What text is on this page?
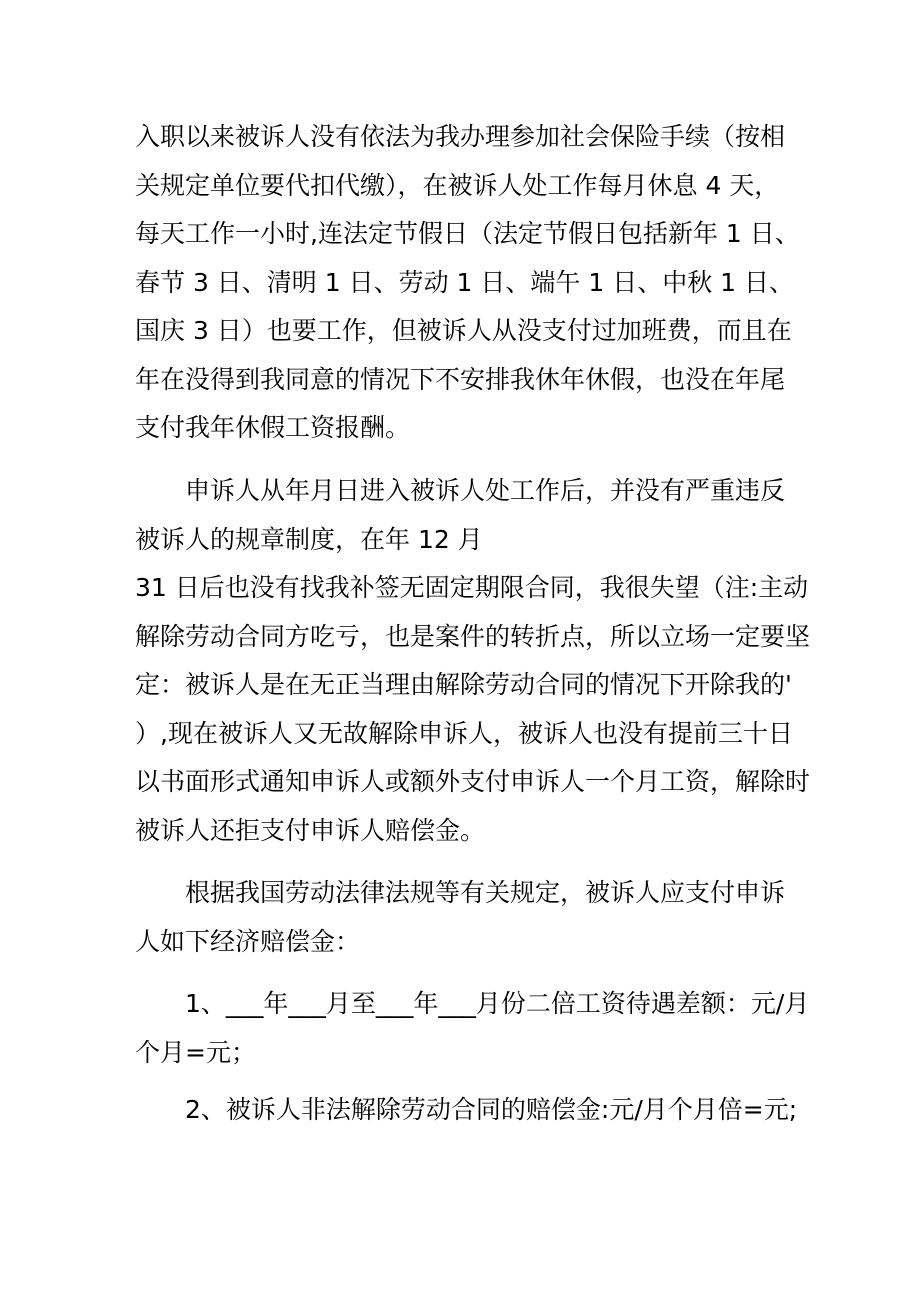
入职以来被诉人没有依法为我办理参加社会保险手续（按相
关规定单位要代扣代缴），在被诉人处工作每月休息 4 天，
每天工作一小时,连法定节假日（法定节假日包括新年 1 日、
春节 3 日、清明 1 日、劳动 1 日、端午 1 日、中秋 1 日、
国庆 3 日）也要工作，但被诉人从没支付过加班费，而且在
年在没得到我同意的情况下不安排我休年休假，也没在年尾
支付我年休假工资报酬。

　　申诉人从年月日进入被诉人处工作后，并没有严重违反
被诉人的规章制度，在年 12 月
31 日后也没有找我补签无固定期限合同，我很失望（注:主动
解除劳动合同方吃亏，也是案件的转折点，所以立场一定要坚
定：被诉人是在无正当理由解除劳动合同的情况下开除我的'
）,现在被诉人又无故解除申诉人，被诉人也没有提前三十日
以书面形式通知申诉人或额外支付申诉人一个月工资，解除时
被诉人还拒支付申诉人赔偿金。

　　根据我国劳动法律法规等有关规定，被诉人应支付申诉
人如下经济赔偿金：

　　1、___年___月至___年___月份二倍工资待遇差额：元/月
个月=元；

　　2、被诉人非法解除劳动合同的赔偿金:元/月个月倍=元;
